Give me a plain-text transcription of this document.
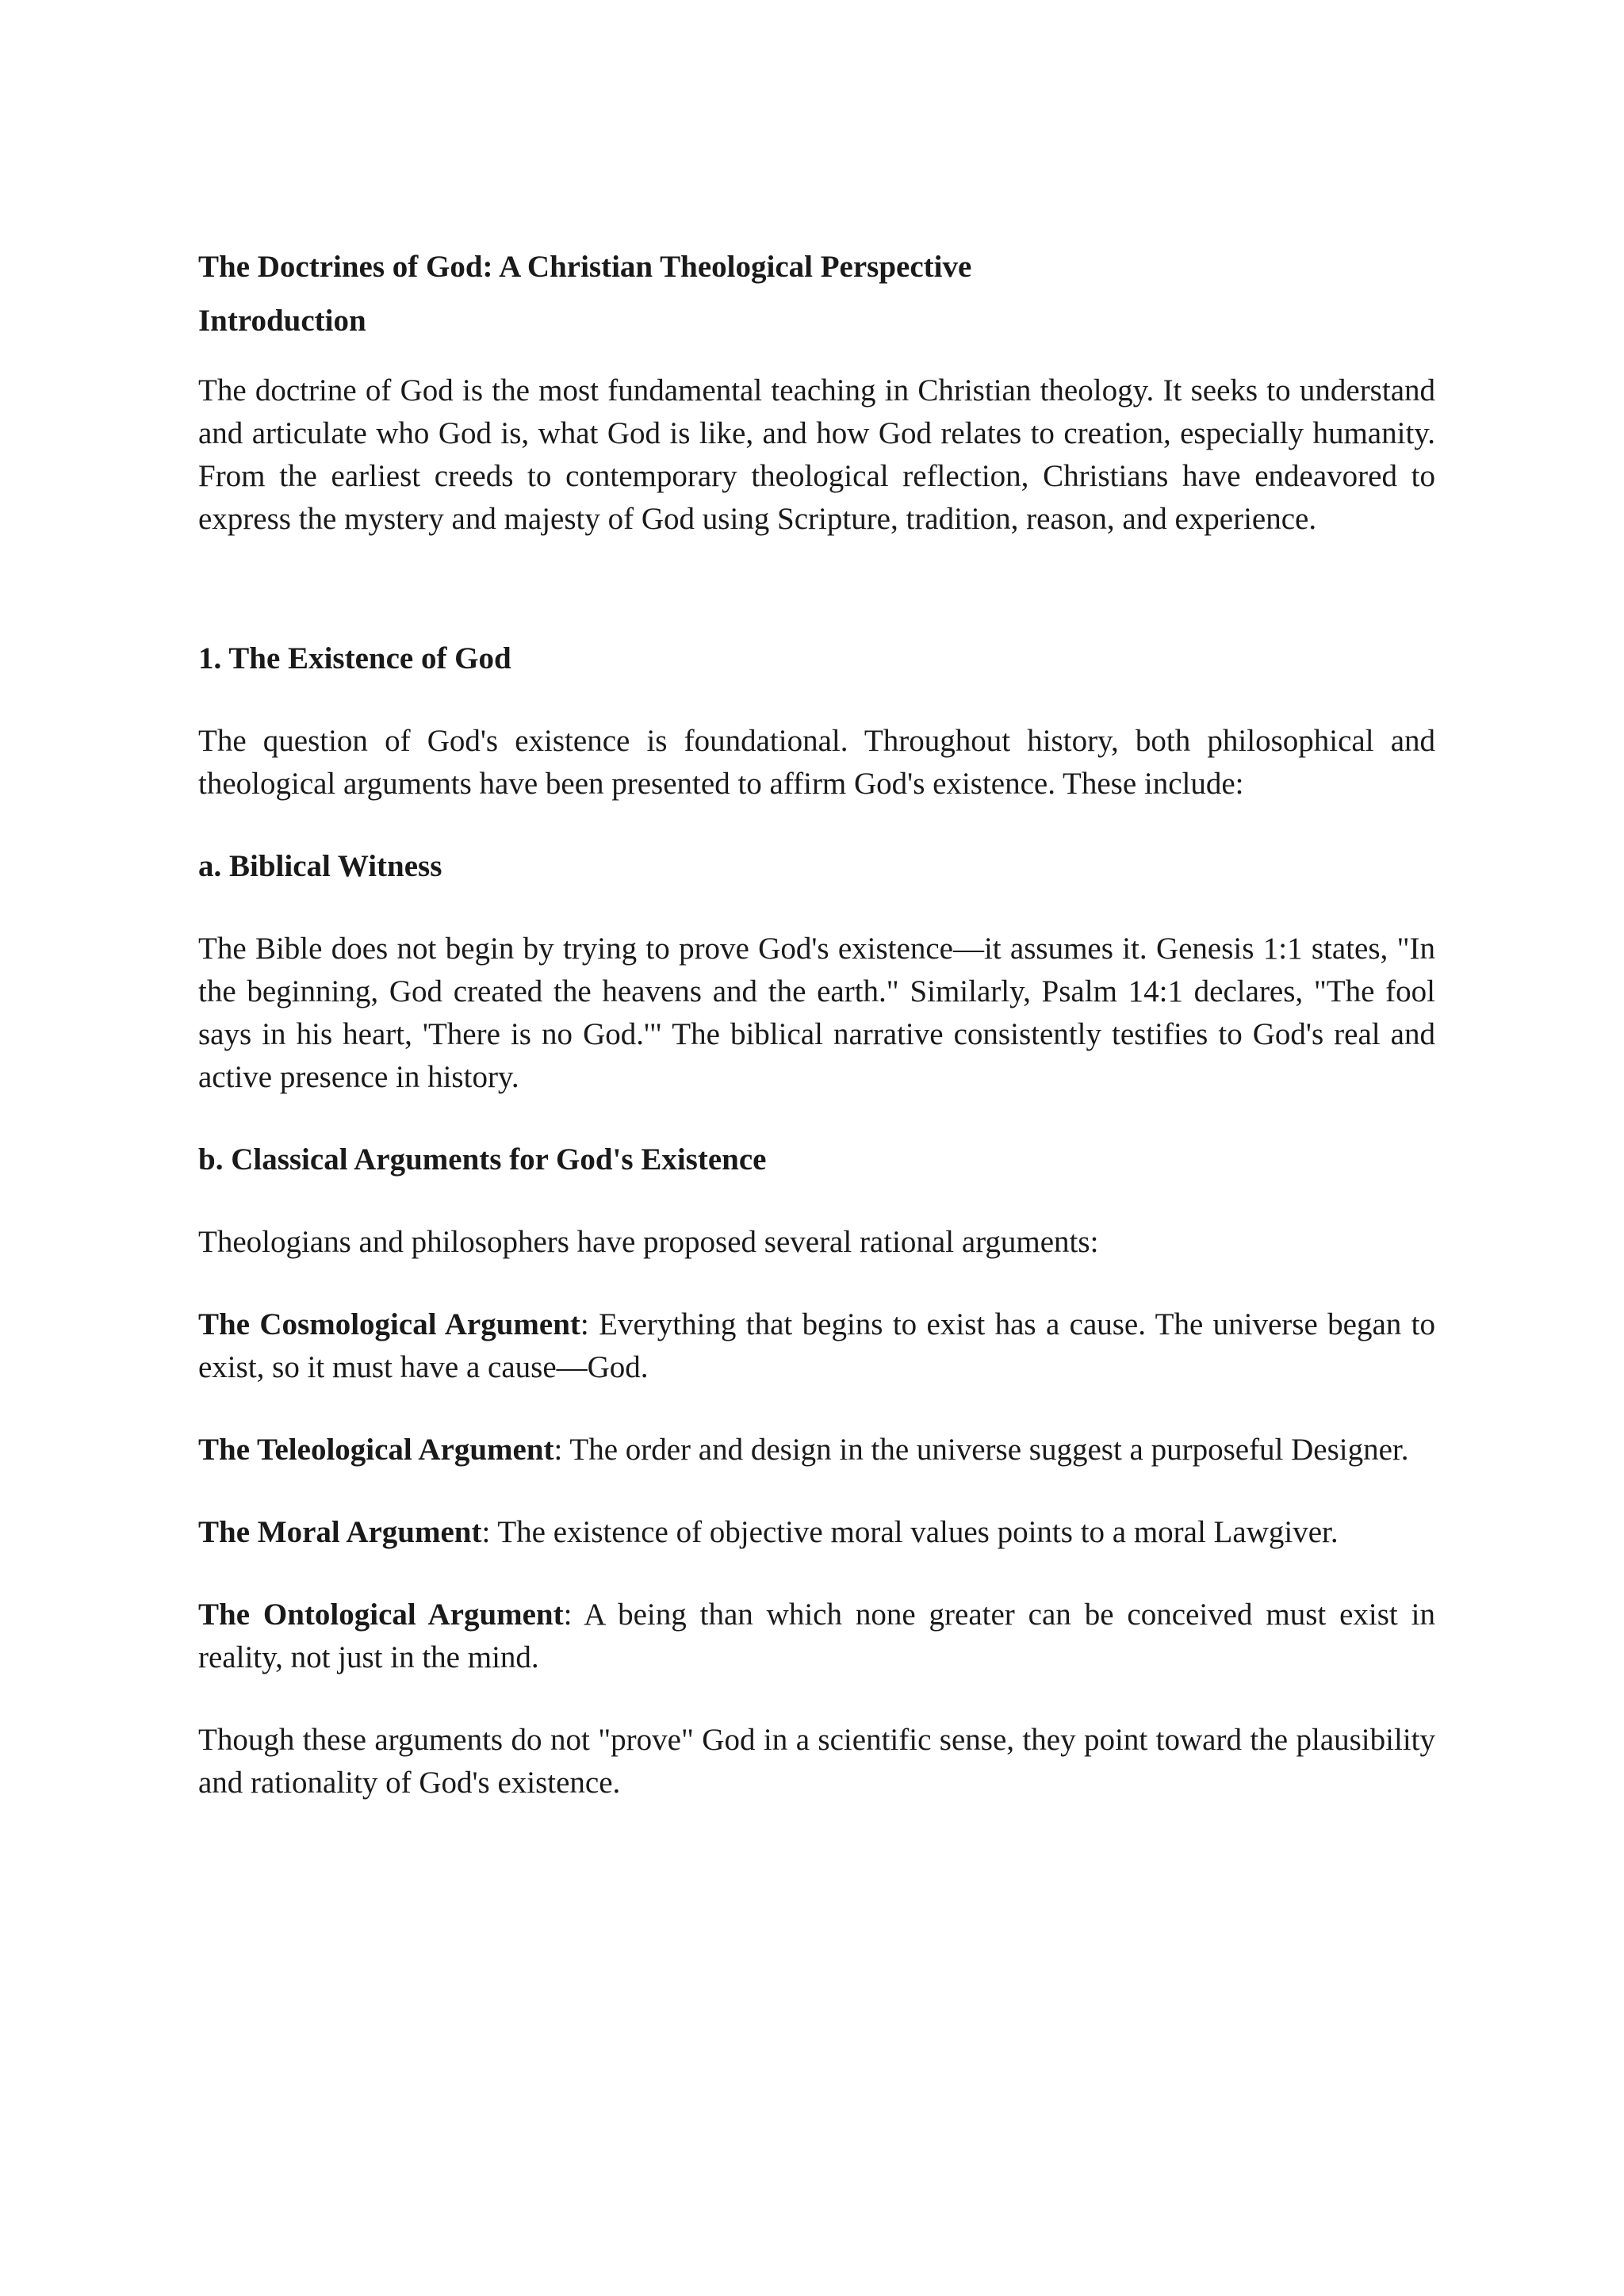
The Doctrines of God: A Christian Theological Perspective
Introduction

The doctrine of God is the most fundamental teaching in Christian theology. It seeks to understand and articulate who God is, what God is like, and how God relates to creation, especially humanity. From the earliest creeds to contemporary theological reflection, Christians have endeavored to express the mystery and majesty of God using Scripture, tradition, reason, and experience.

1. The Existence of God

The question of God's existence is foundational. Throughout history, both philosophical and theological arguments have been presented to affirm God's existence. These include:

a. Biblical Witness

The Bible does not begin by trying to prove God's existence—it assumes it. Genesis 1:1 states, "In the beginning, God created the heavens and the earth." Similarly, Psalm 14:1 declares, "The fool says in his heart, 'There is no God.'" The biblical narrative consistently testifies to God's real and active presence in history.

b. Classical Arguments for God's Existence

Theologians and philosophers have proposed several rational arguments:

The Cosmological Argument: Everything that begins to exist has a cause. The universe began to exist, so it must have a cause—God.

The Teleological Argument: The order and design in the universe suggest a purposeful Designer.

The Moral Argument: The existence of objective moral values points to a moral Lawgiver.

The Ontological Argument: A being than which none greater can be conceived must exist in reality, not just in the mind.

Though these arguments do not "prove" God in a scientific sense, they point toward the plausibility and rationality of God's existence.
